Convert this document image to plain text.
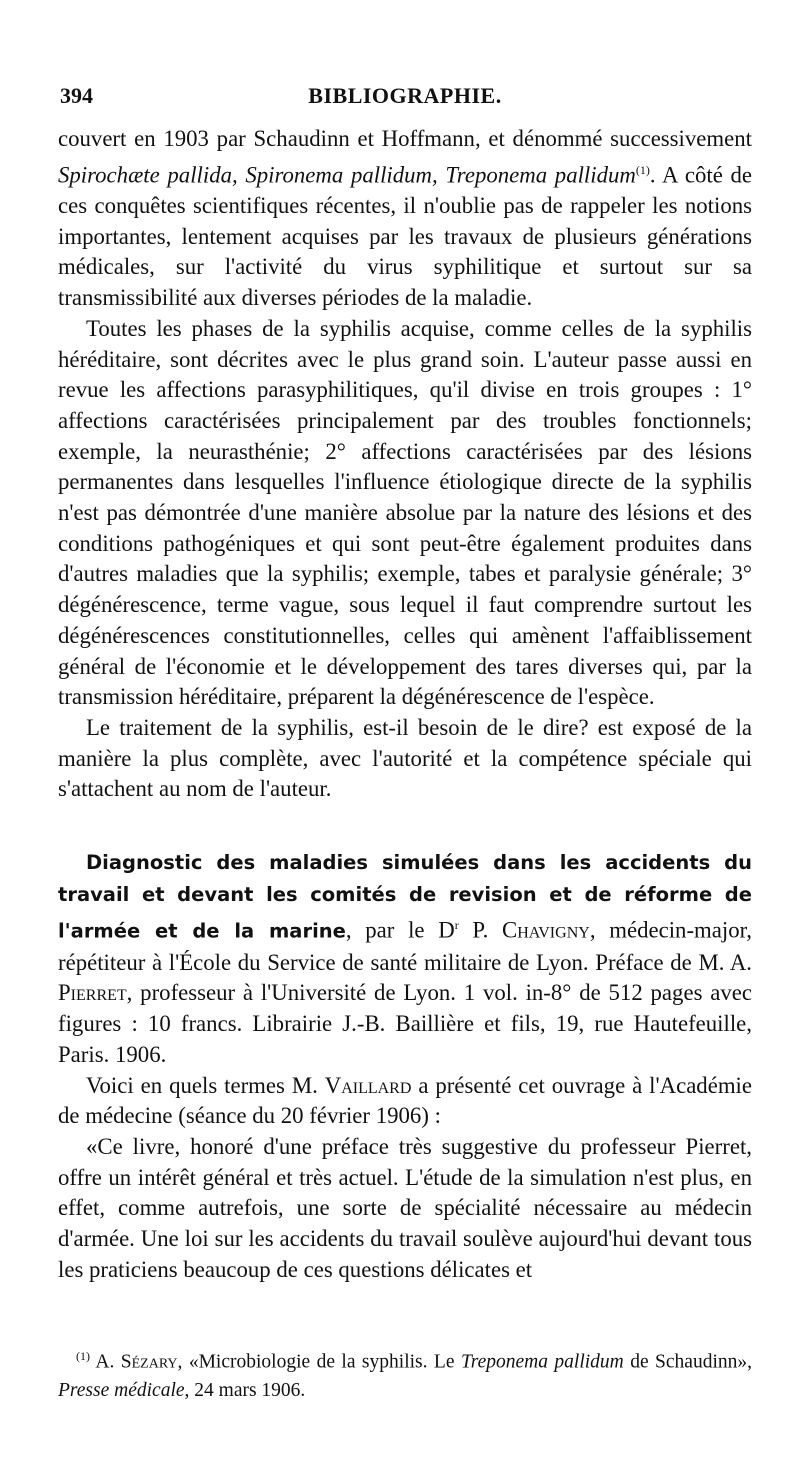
394	BIBLIOGRAPHIE.

couvert en 1903 par Schaudinn et Hoffmann, et dénommé successivement Spirochæte pallida, Spironema pallidum, Treponema pallidum$^{(1)}$. A côté de ces conquêtes scientifiques récentes, il n'oublie pas de rappeler les notions importantes, lentement acquises par les travaux de plusieurs générations médicales, sur l'activité du virus syphilitique et surtout sur sa transmissibilité aux diverses périodes de la maladie.

Toutes les phases de la syphilis acquise, comme celles de la syphilis héréditaire, sont décrites avec le plus grand soin. L'auteur passe aussi en revue les affections parasyphilitiques, qu'il divise en trois groupes : 1° affections caractérisées principalement par des troubles fonctionnels; exemple, la neurasthénie; 2° affections caractérisées par des lésions permanentes dans lesquelles l'influence étiologique directe de la syphilis n'est pas démontrée d'une manière absolue par la nature des lésions et des conditions pathogéniques et qui sont peut-être également produites dans d'autres maladies que la syphilis; exemple, tabes et paralysie générale; 3° dégénérescence, terme vague, sous lequel il faut comprendre surtout les dégénérescences constitutionnelles, celles qui amènent l'affaiblissement général de l'économie et le développement des tares diverses qui, par la transmission héréditaire, préparent la dégénérescence de l'espèce.

Le traitement de la syphilis, est-il besoin de le dire? est exposé de la manière la plus complète, avec l'autorité et la compétence spéciale qui s'attachent au nom de l'auteur.

Diagnostic des maladies simulées dans les accidents du travail et devant les comités de revision et de réforme de l'armée et de la marine, par le $D^r$ P. Chavigny, médecin-major, répétiteur à l'École du Service de santé militaire de Lyon. Préface de M. A. Pierret, professeur à l'Université de Lyon. 1 vol. in-8° de 512 pages avec figures : 10 francs. Librairie J.-B. Baillière et fils, 19, rue Hautefeuille, Paris. 1906.

Voici en quels termes M. Vaillard a présenté cet ouvrage à l'Académie de médecine (séance du 20 février 1906) :

«Ce livre, honoré d'une préface très suggestive du professeur Pierret, offre un intérêt général et très actuel. L'étude de la simulation n'est plus, en effet, comme autrefois, une sorte de spécialité nécessaire au médecin d'armée. Une loi sur les accidents du travail soulève aujourd'hui devant tous les praticiens beaucoup de ces questions délicates et

$^{(1)}$ A. Sézary, «Microbiologie de la syphilis. Le Treponema pallidum de Schaudinn», Presse médicale, 24 mars 1906.
